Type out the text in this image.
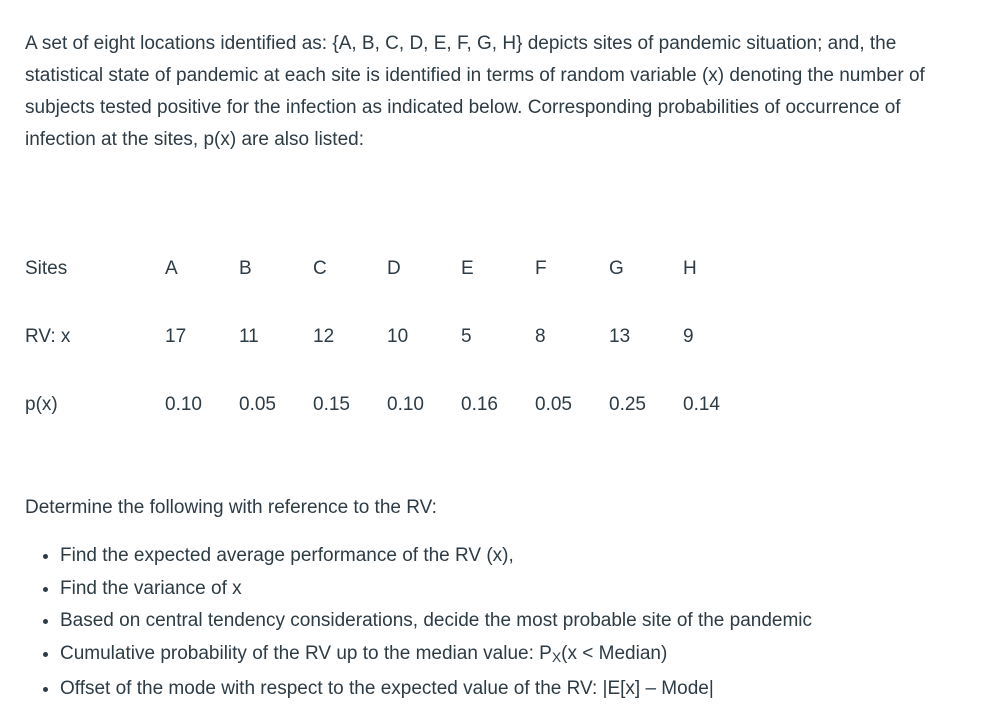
A set of eight locations identified as: {A, B, C, D, E, F, G, H} depicts sites of pandemic situation; and, the statistical state of pandemic at each site is identified in terms of random variable (x) denoting the number of subjects tested positive for the infection as indicated below. Corresponding probabilities of occurrence of infection at the sites, p(x) are also listed:

Sites	A	B	C	D	E	F	G	H
RV: x	17	11	12	10	5	8	13	9
p(x)	0.10	0.05	0.15	0.10	0.16	0.05	0.25	0.14

Determine the following with reference to the RV:

• Find the expected average performance of the RV (x),
• Find the variance of x
• Based on central tendency considerations, decide the most probable site of the pandemic
• Cumulative probability of the RV up to the median value: $P_X(x$ < Median)
• Offset of the mode with respect to the expected value of the RV: |E[x] – Mode|
